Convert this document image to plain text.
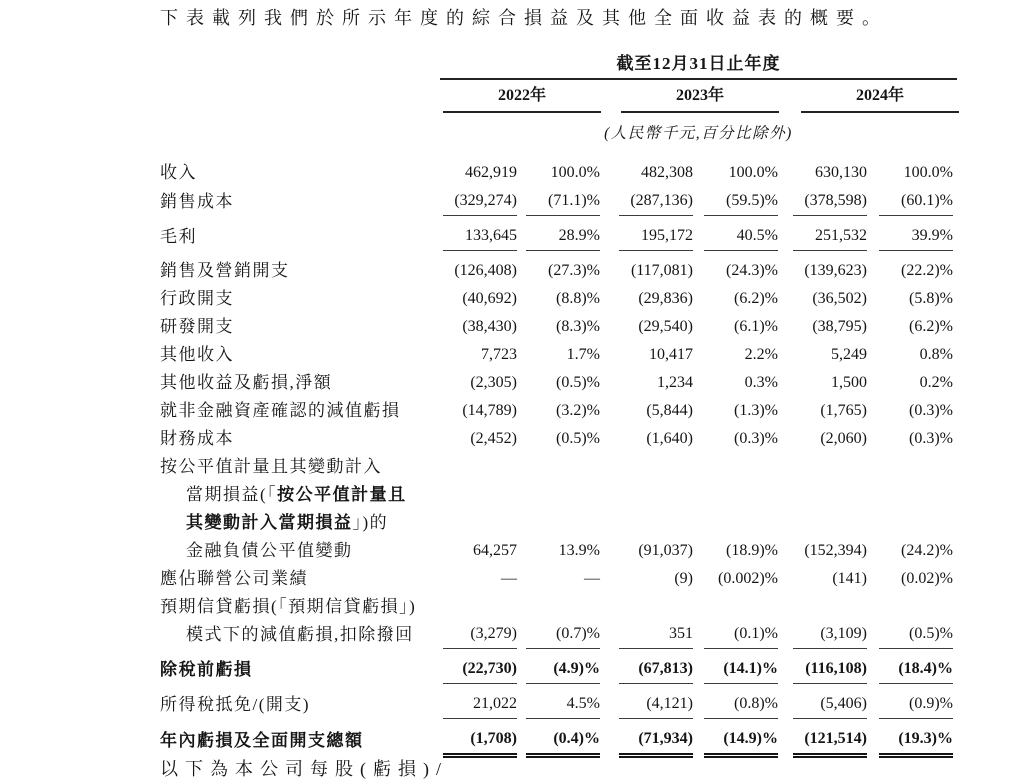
下表載列我們於所示年度的綜合損益及其他全面收益表的概要。

截至12月31日止年度
2022年	2023年	2024年
(人民幣千元,百分比除外)
收入	462,919	100.0%	482,308	100.0%	630,130	100.0%
銷售成本	(329,274)	(71.1)%	(287,136)	(59.5)%	(378,598)	(60.1)%
毛利	133,645	28.9%	195,172	40.5%	251,532	39.9%
銷售及營銷開支	(126,408)	(27.3)%	(117,081)	(24.3)%	(139,623)	(22.2)%
行政開支	(40,692)	(8.8)%	(29,836)	(6.2)%	(36,502)	(5.8)%
研發開支	(38,430)	(8.3)%	(29,540)	(6.1)%	(38,795)	(6.2)%
其他收入	7,723	1.7%	10,417	2.2%	5,249	0.8%
其他收益及虧損,淨額	(2,305)	(0.5)%	1,234	0.3%	1,500	0.2%
就非金融資產確認的減值虧損	(14,789)	(3.2)%	(5,844)	(1.3)%	(1,765)	(0.3)%
財務成本	(2,452)	(0.5)%	(1,640)	(0.3)%	(2,060)	(0.3)%
按公平值計量且其變動計入
當期損益(「按公平值計量且
其變動計入當期損益」)的
金融負債公平值變動	64,257	13.9%	(91,037)	(18.9)%	(152,394)	(24.2)%
應佔聯營公司業績	—	—	(9)	(0.002)%	(141)	(0.02)%
預期信貸虧損(「預期信貸虧損」)
模式下的減值虧損,扣除撥回	(3,279)	(0.7)%	351	(0.1)%	(3,109)	(0.5)%
除稅前虧損	(22,730)	(4.9)%	(67,813)	(14.1)%	(116,108)	(18.4)%
所得稅抵免/(開支)	21,022	4.5%	(4,121)	(0.8)%	(5,406)	(0.9)%
年內虧損及全面開支總額	(1,708)	(0.4)%	(71,934)	(14.9)%	(121,514)	(19.3)%

以下為本公司每股(虧損)/
